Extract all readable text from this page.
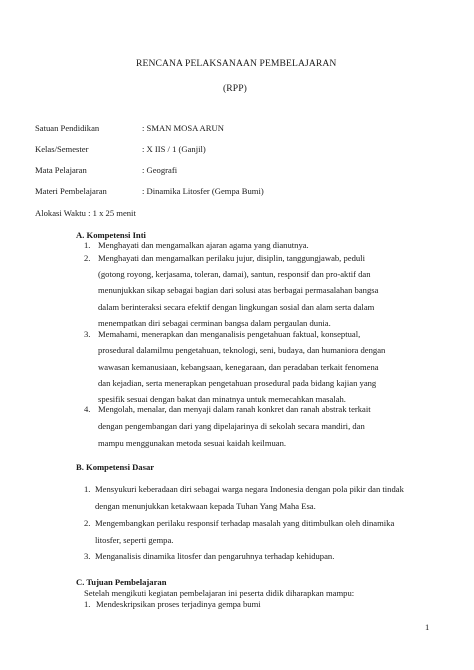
RENCANA PELAKSANAAN PEMBELAJARAN
(RPP)
Satuan Pendidikan	: SMAN MOSA ARUN
Kelas/Semester	: X IIS / 1 (Ganjil)
Mata Pelajaran	: Geografi
Materi Pembelajaran	: Dinamika Litosfer (Gempa Bumi)
Alokasi Waktu : 1 x 25 menit
A. Kompetensi Inti
1. Menghayati dan mengamalkan ajaran agama yang dianutnya.
2. Menghayati dan mengamalkan perilaku jujur, disiplin, tanggungjawab, peduli
(gotong royong, kerjasama, toleran, damai), santun, responsif dan pro-aktif dan
menunjukkan sikap sebagai bagian dari solusi atas berbagai permasalahan bangsa
dalam berinteraksi secara efektif dengan lingkungan sosial dan alam serta dalam
menempatkan diri sebagai cerminan bangsa dalam pergaulan dunia.
3. Memahami, menerapkan dan menganalisis pengetahuan faktual, konseptual,
prosedural dalamilmu pengetahuan, teknologi, seni, budaya, dan humaniora dengan
wawasan kemanusiaan, kebangsaan, kenegaraan, dan peradaban terkait fenomena
dan kejadian, serta menerapkan pengetahuan prosedural pada bidang kajian yang
spesifik sesuai dengan bakat dan minatnya untuk memecahkan masalah.
4. Mengolah, menalar, dan menyaji dalam ranah konkret dan ranah abstrak terkait
dengan pengembangan dari yang dipelajarinya di sekolah secara mandiri, dan
mampu menggunakan metoda sesuai kaidah keilmuan.
B. Kompetensi Dasar
1. Mensyukuri keberadaan diri sebagai warga negara Indonesia dengan pola pikir dan tindak
dengan menunjukkan ketakwaan kepada Tuhan Yang Maha Esa.
2. Mengembangkan perilaku responsif terhadap masalah yang ditimbulkan oleh dinamika
litosfer, seperti gempa.
3. Menganalisis dinamika litosfer dan pengaruhnya terhadap kehidupan.
C. Tujuan Pembelajaran
Setelah mengikuti kegiatan pembelajaran ini peserta didik diharapkan mampu:
1. Mendeskripsikan proses terjadinya gempa bumi
1
